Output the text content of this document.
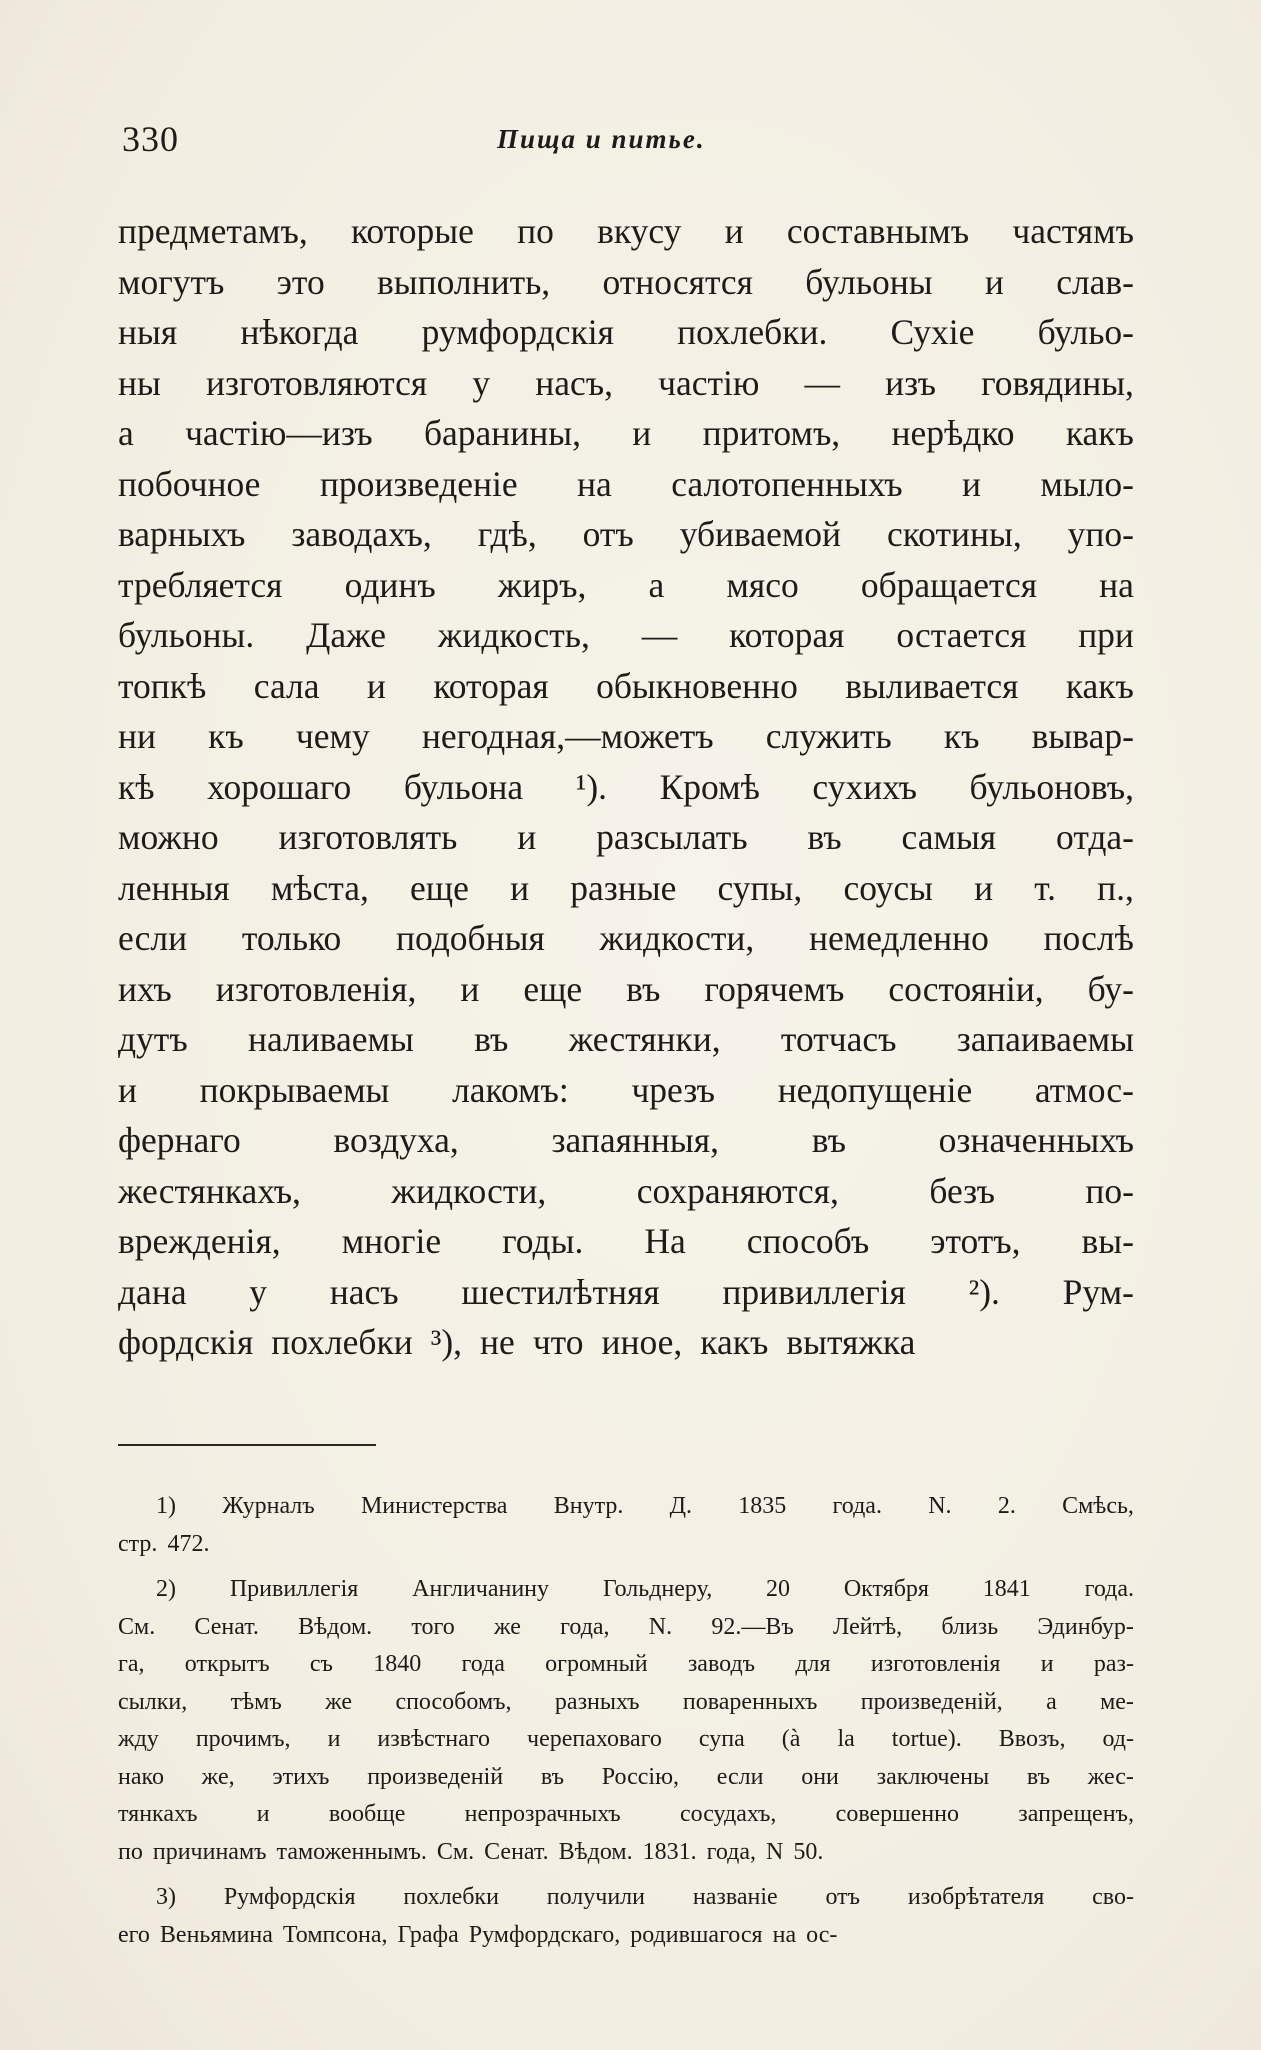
330	Пища и питье.
предметамъ, которые по вкусу и составнымъ частямъ
могутъ это выполнить, относятся бульоны и слав-
ныя нѣкогда румфордскія похлебки. Сухіе бульо-
ны изготовляются у насъ, частію — изъ говядины,
а частію—изъ баранины, и притомъ, нерѣдко какъ
побочное произведеніе на салотопенныхъ и мыло-
варныхъ заводахъ, гдѣ, отъ убиваемой скотины, упо-
требляется одинъ жиръ, а мясо обращается на
бульоны. Даже жидкость, — которая остается при
топкѣ сала и которая обыкновенно выливается какъ
ни къ чему негодная,—можетъ служить къ вывар-
кѣ хорошаго бульона ¹). Кромѣ сухихъ бульоновъ,
можно изготовлять и разсылать въ самыя отда-
ленныя мѣста, еще и разные супы, соусы и т. п.,
если только подобныя жидкости, немедленно послѣ
ихъ изготовленія, и еще въ горячемъ состояніи, бу-
дутъ наливаемы въ жестянки, тотчасъ запаиваемы
и покрываемы лакомъ: чрезъ недопущеніе атмос-
фернаго	воздуха,	запаянныя,	въ	означенныхъ
жестянкахъ,	жидкости,	сохраняются,	безъ	по-
врежденія, многіе годы. На способъ этотъ, вы-
дана у насъ шестилѣтняя привиллегія ²). Рум-
фордскія похлебки ³), не что иное, какъ вытяжка
1) Журналъ Министерства Внутр. Д. 1835 года. N. 2. Смѣсь,
стр. 472.
2) Привиллегія Англичанину Гольднеру, 20 Октября 1841 года.
См. Сенат. Вѣдом. того же года, N. 92.—Въ Лейтѣ, близь Эдинбур-
га, открытъ съ 1840 года огромный заводъ для изготовленія и раз-
сылки, тѣмъ же способомъ, разныхъ поваренныхъ произведеній, а ме-
жду прочимъ, и извѣстнаго черепаховаго супа (à la tortue). Ввозъ, од-
нако же, этихъ произведеній въ Россію, если они заключены въ жес-
тянкахъ и вообще непрозрачныхъ сосудахъ, совершенно запрещенъ,
по причинамъ таможеннымъ. См. Сенат. Вѣдом. 1831. года, N 50.
3) Румфордскія похлебки получили названіе отъ изобрѣтателя сво-
его Веньямина Томпсона, Графа Румфордскаго, родившагося на ос-
